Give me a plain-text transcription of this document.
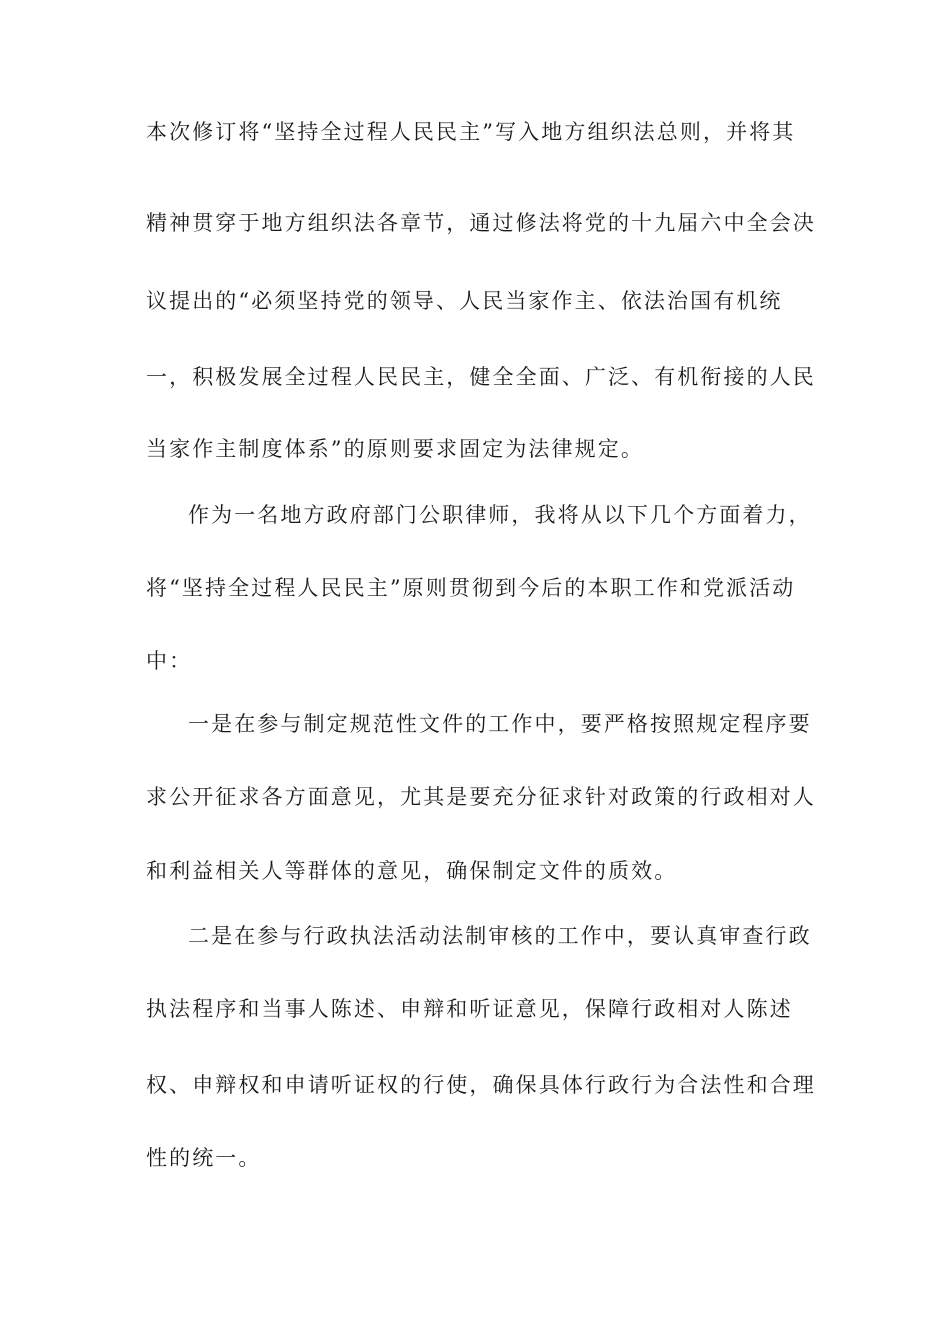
本次修订将“坚持全过程人民民主”写入地方组织法总则，并将其
精神贯穿于地方组织法各章节，通过修法将党的十九届六中全会决
议提出的“必须坚持党的领导、人民当家作主、依法治国有机统
一，积极发展全过程人民民主，健全全面、广泛、有机衔接的人民
当家作主制度体系”的原则要求固定为法律规定。
作为一名地方政府部门公职律师，我将从以下几个方面着力，
将“坚持全过程人民民主”原则贯彻到今后的本职工作和党派活动
中：
一是在参与制定规范性文件的工作中，要严格按照规定程序要
求公开征求各方面意见，尤其是要充分征求针对政策的行政相对人
和利益相关人等群体的意见，确保制定文件的质效。
二是在参与行政执法活动法制审核的工作中，要认真审查行政
执法程序和当事人陈述、申辩和听证意见，保障行政相对人陈述
权、申辩权和申请听证权的行使，确保具体行政行为合法性和合理
性的统一。
